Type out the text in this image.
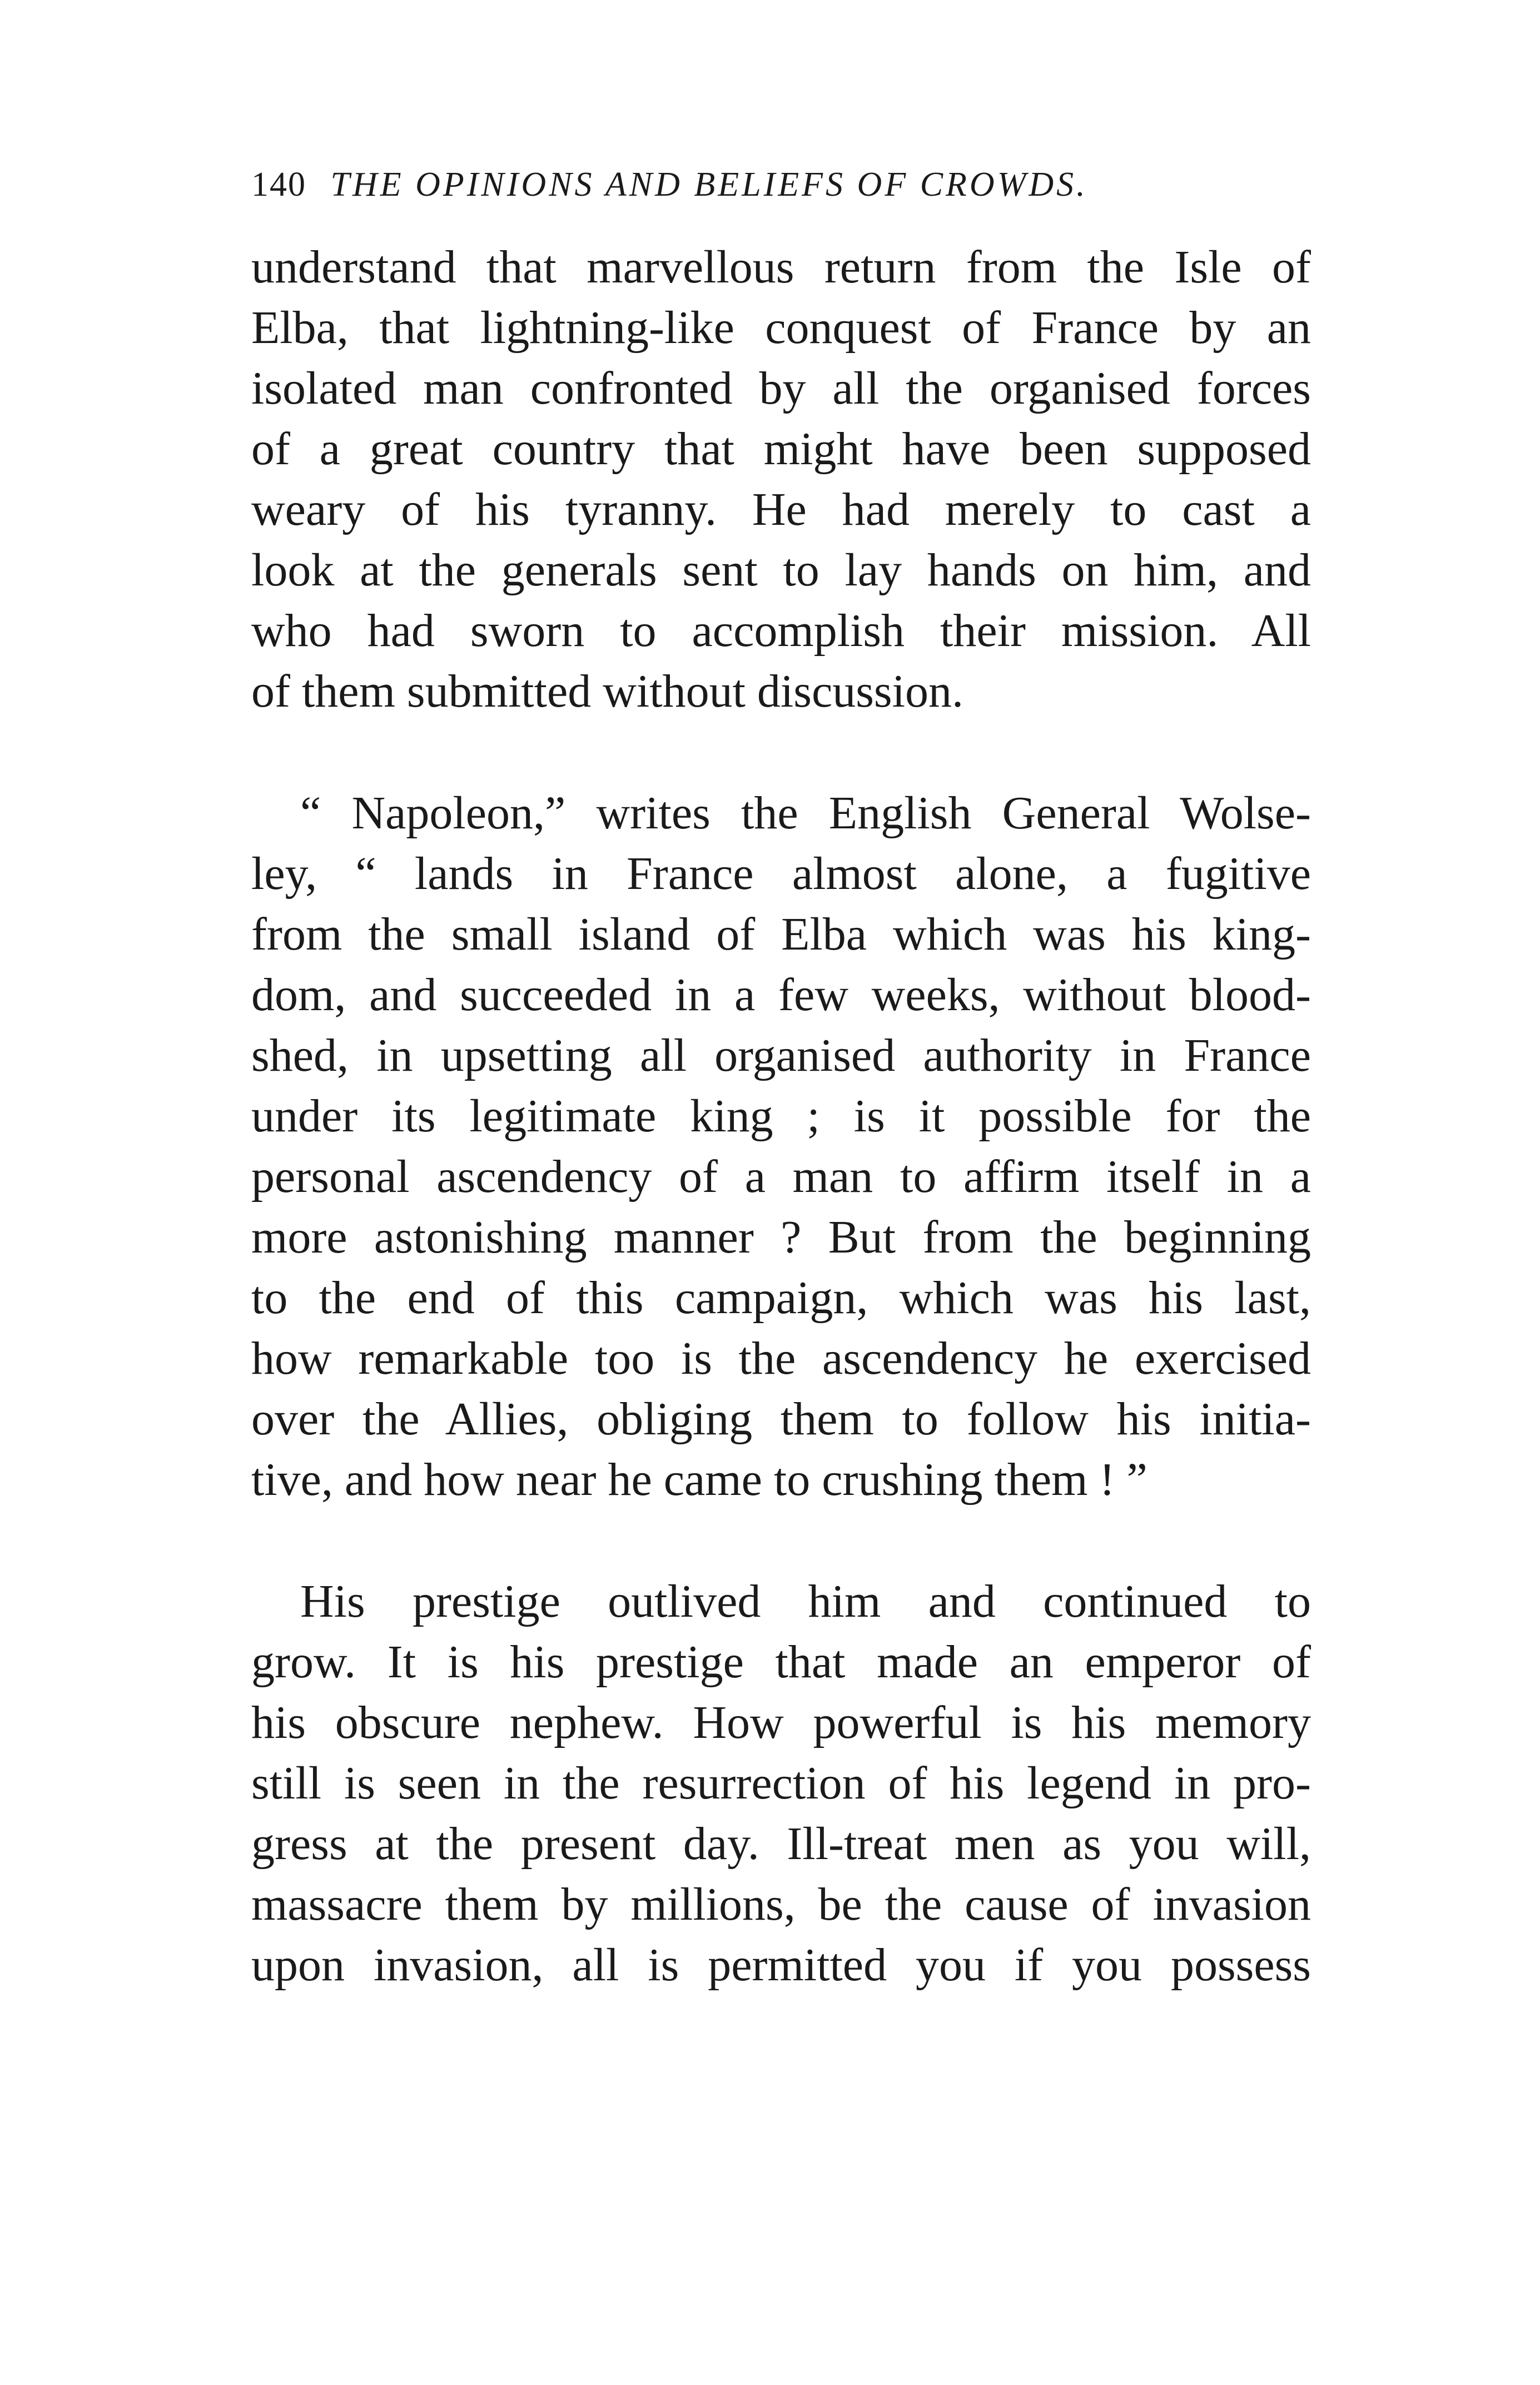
140 THE OPINIONS AND BELIEFS OF CROWDS.

understand that marvellous return from the Isle of
Elba, that lightning-like conquest of France by an
isolated man confronted by all the organised forces
of a great country that might have been supposed
weary of his tyranny. He had merely to cast a
look at the generals sent to lay hands on him, and
who had sworn to accomplish their mission. All
of them submitted without discussion.

“ Napoleon,” writes the English General Wolse-
ley, “ lands in France almost alone, a fugitive
from the small island of Elba which was his king-
dom, and succeeded in a few weeks, without blood-
shed, in upsetting all organised authority in France
under its legitimate king ; is it possible for the
personal ascendency of a man to affirm itself in a
more astonishing manner ? But from the beginning
to the end of this campaign, which was his last,
how remarkable too is the ascendency he exercised
over the Allies, obliging them to follow his initia-
tive, and how near he came to crushing them ! ”

His prestige outlived him and continued to
grow. It is his prestige that made an emperor of
his obscure nephew. How powerful is his memory
still is seen in the resurrection of his legend in pro-
gress at the present day. Ill-treat men as you will,
massacre them by millions, be the cause of invasion
upon invasion, all is permitted you if you possess
